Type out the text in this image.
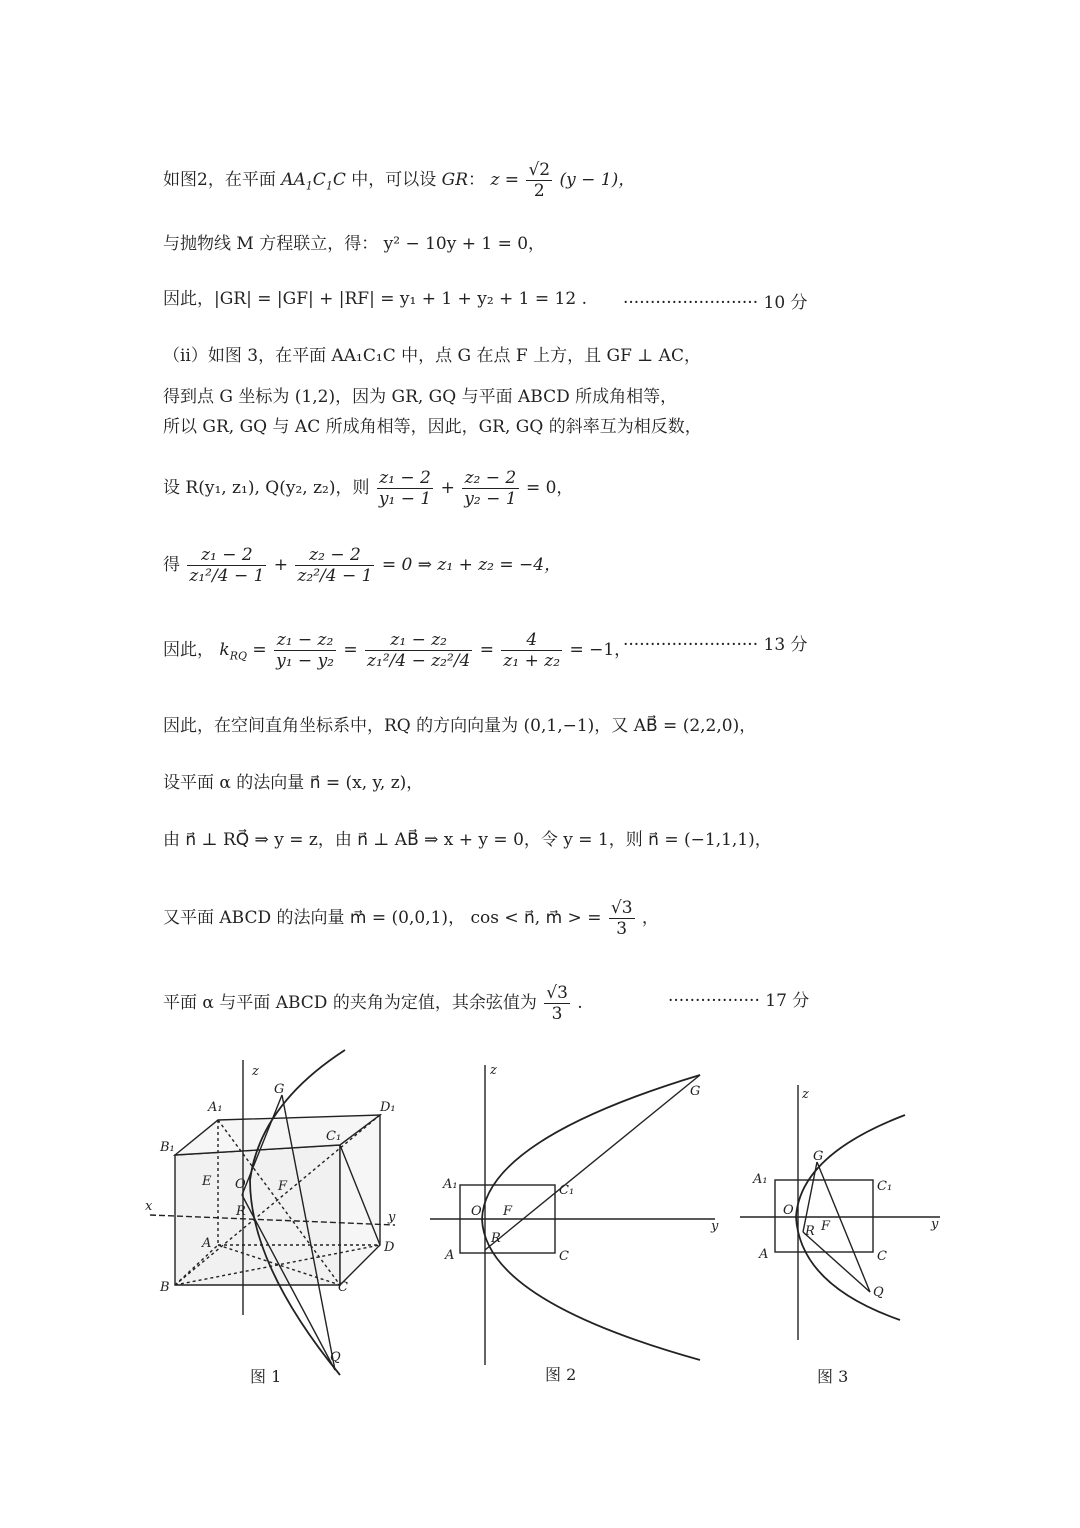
如图2，在平面 $AA_1C_1C$ 中，可以设 GR： $z = \frac{√2}{2} (y - 1)$，
与抛物线 M 方程联立，得： y² − 10y + 1 = 0，
因此，|GR| = |GF| + |RF| = y₁ + 1 + y₂ + 1 = 12 . ························· 10 分
（ii）如图 3，在平面 AA₁C₁C 中，点 G 在点 F 上方，且 GF ⊥ AC，
得到点 G 坐标为 (1,2)，因为 GR, GQ 与平面 ABCD 所成角相等，
所以 GR, GQ 与 AC 所成角相等，因此，GR, GQ 的斜率互为相反数，
设 R(y₁, z₁), Q(y₂, z₂)，则 $\frac{\text{z₁ − 2}}{\text{y₁ − 1}} + \frac{\text{z₂ − 2}}{\text{y₂ − 1}} = 0$，
得 $\frac{\text{z₁ − 2}}{\text{z₁²/4 − 1}} + \frac{\text{z₂ − 2}}{\text{z₂²/4 − 1}} = 0$ ⇒ z₁ + z₂ = −4，
因此， $k_{RQ} = \frac{\text{z₁ − z₂}}{\text{y₁ − y₂}} = \frac{\text{z₁ − z₂}}{\text{z₁²/4 − z₂²/4}} = \frac{4}{\text{z₁ + z₂}} = -1$，
························· 13 分
因此，在空间直角坐标系中，RQ 的方向向量为 (0,1,−1)，又 AB⃗ = (2,2,0)，
设平面 α 的法向量 n⃗ = (x, y, z)，
由 n⃗ ⊥ RQ⃗ ⇒ y = z，由 n⃗ ⊥ AB⃗ ⇒ x + y = 0，令 y = 1，则 n⃗ = (−1,1,1)，
又平面 ABCD 的法向量 m⃗ = (0,0,1)， cos < n⃗, m⃗ > = $\frac{√3}{3}$ ，
平面 α 与平面 ABCD 的夹角为定值，其余弦值为 $\frac{√3}{3}$ .	················· 17 分
z
G
A₁	D₁
C₁
B₁
E O F
x	R	y
A	D
B	C
Q
图 1
z
G
A₁
O F
C₁
y
A
R
C
图 2
z
G
A₁	C₁
O
R F	y
A	C
Q
图 3
